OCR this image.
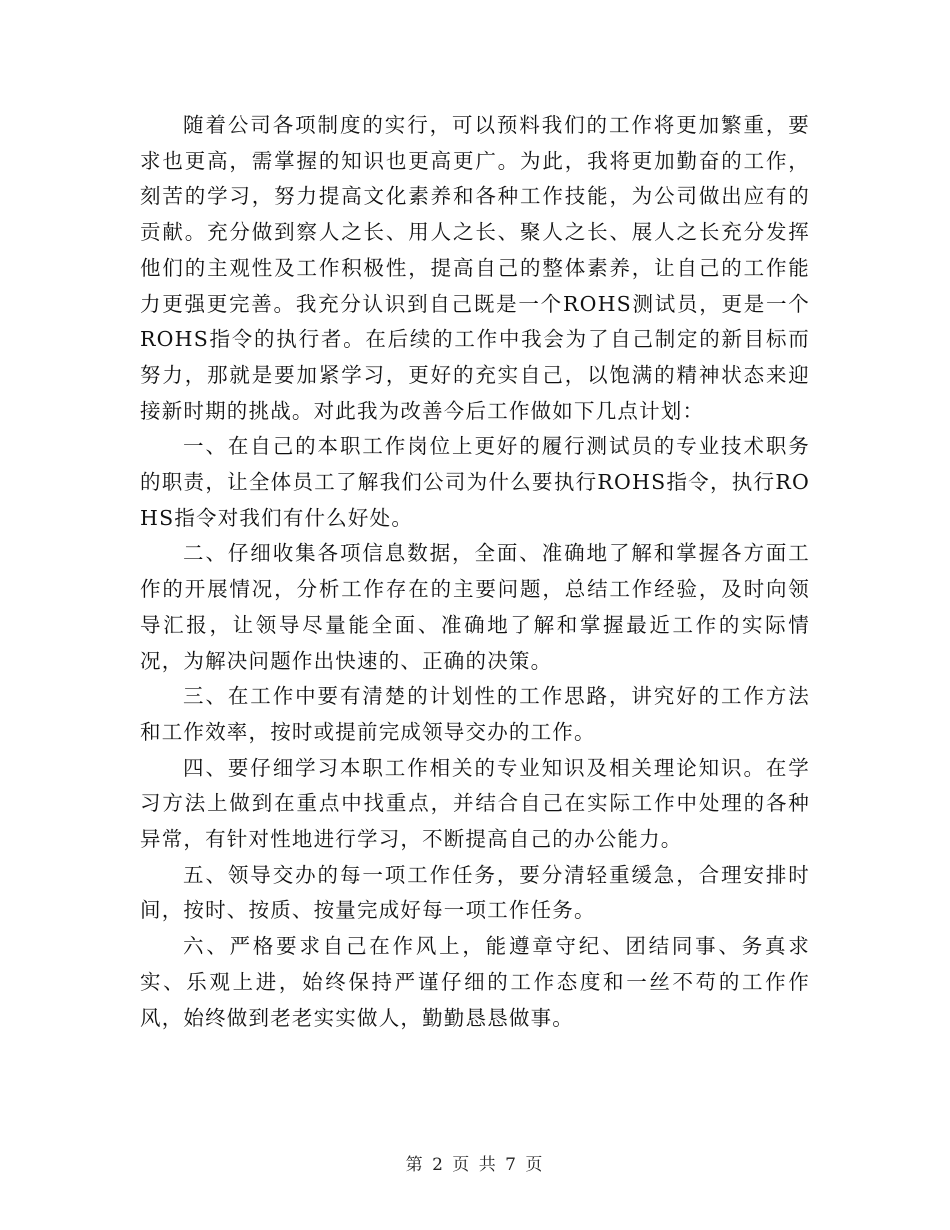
随着公司各项制度的实行，可以预料我们的工作将更加繁重，要求也更高，需掌握的知识也更高更广。为此，我将更加勤奋的工作，刻苦的学习，努力提高文化素养和各种工作技能，为公司做出应有的贡献。充分做到察人之长、用人之长、聚人之长、展人之长充分发挥他们的主观性及工作积极性，提高自己的整体素养，让自己的工作能力更强更完善。我充分认识到自己既是一个ROHS测试员，更是一个ROHS指令的执行者。在后续的工作中我会为了自己制定的新目标而努力，那就是要加紧学习，更好的充实自己，以饱满的精神状态来迎接新时期的挑战。对此我为改善今后工作做如下几点计划：

一、在自己的本职工作岗位上更好的履行测试员的专业技术职务的职责，让全体员工了解我们公司为什么要执行ROHS指令，执行ROHS指令对我们有什么好处。

二、仔细收集各项信息数据，全面、准确地了解和掌握各方面工作的开展情况，分析工作存在的主要问题，总结工作经验，及时向领导汇报，让领导尽量能全面、准确地了解和掌握最近工作的实际情况，为解决问题作出快速的、正确的决策。

三、在工作中要有清楚的计划性的工作思路，讲究好的工作方法和工作效率，按时或提前完成领导交办的工作。

四、要仔细学习本职工作相关的专业知识及相关理论知识。在学习方法上做到在重点中找重点，并结合自己在实际工作中处理的各种异常，有针对性地进行学习，不断提高自己的办公能力。

五、领导交办的每一项工作任务，要分清轻重缓急，合理安排时间，按时、按质、按量完成好每一项工作任务。

六、严格要求自己在作风上，能遵章守纪、团结同事、务真求实、乐观上进，始终保持严谨仔细的工作态度和一丝不苟的工作作风，始终做到老老实实做人，勤勤恳恳做事。

第 2 页 共 7 页
